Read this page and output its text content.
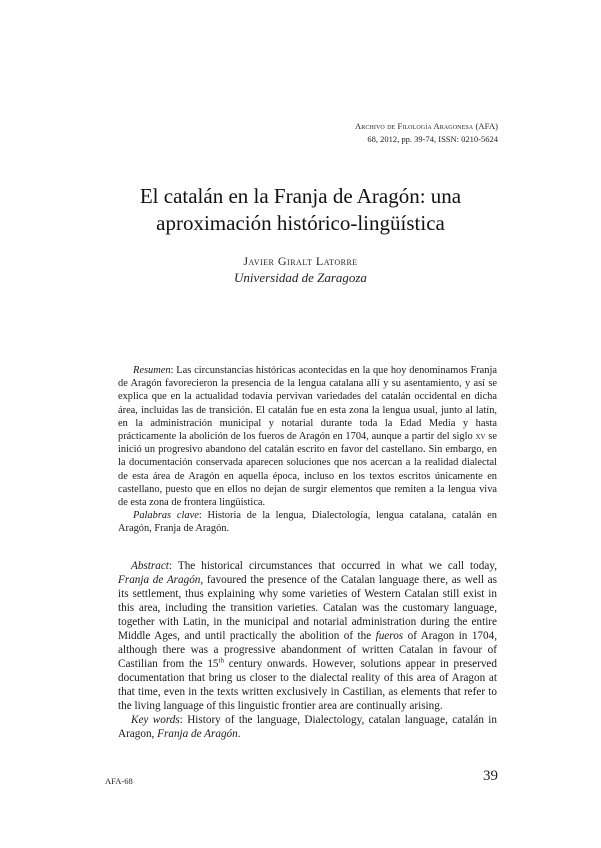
Archivo de Filología Aragonesa (AFA)
68, 2012, pp. 39-74, ISSN: 0210-5624
El catalán en la Franja de Aragón: una
aproximación histórico-lingüística
Javier Giralt Latorre
Universidad de Zaragoza

Resumen: Las circunstancias históricas acontecidas en la que hoy denominamos Franja de Aragón favorecieron la presencia de la lengua catalana allí y su asentamiento, y así se explica que en la actualidad todavía pervivan variedades del catalán occidental en dicha área, incluidas las de transición. El catalán fue en esta zona la lengua usual, junto al latín, en la administración municipal y notarial durante toda la Edad Media y hasta prácticamente la abolición de los fueros de Aragón en 1704, aunque a partir del siglo xv se inició un progresivo abandono del catalán escrito en favor del castellano. Sin embargo, en la documentación conservada aparecen soluciones que nos acercan a la realidad dialectal de esta área de Aragón en aquella época, incluso en los textos escritos únicamente en castellano, puesto que en ellos no dejan de surgir elementos que remiten a la lengua viva de esta zona de frontera lingüística.

Palabras clave: Historia de la lengua, Dialectología, lengua catalana, catalán en Aragón, Franja de Aragón.

Abstract: The historical circumstances that occurred in what we call today, Franja de Aragón, favoured the presence of the Catalan language there, as well as its settlement, thus explaining why some varieties of Western Catalan still exist in this area, including the transition varieties. Catalan was the customary language, together with Latin, in the municipal and notarial administration during the entire Middle Ages, and until practically the abolition of the fueros of Aragon in 1704, although there was a progressive abandonment of written Catalan in favour of Castilian from the 15th century onwards. However, solutions appear in preserved documentation that bring us closer to the dialectal reality of this area of Aragon at that time, even in the texts written exclusively in Castilian, as elements that refer to the living language of this linguistic frontier area are continually arising.

Key words: History of the language, Dialectology, catalan language, catalán in Aragon, Franja de Aragón.

AFA-68	39
